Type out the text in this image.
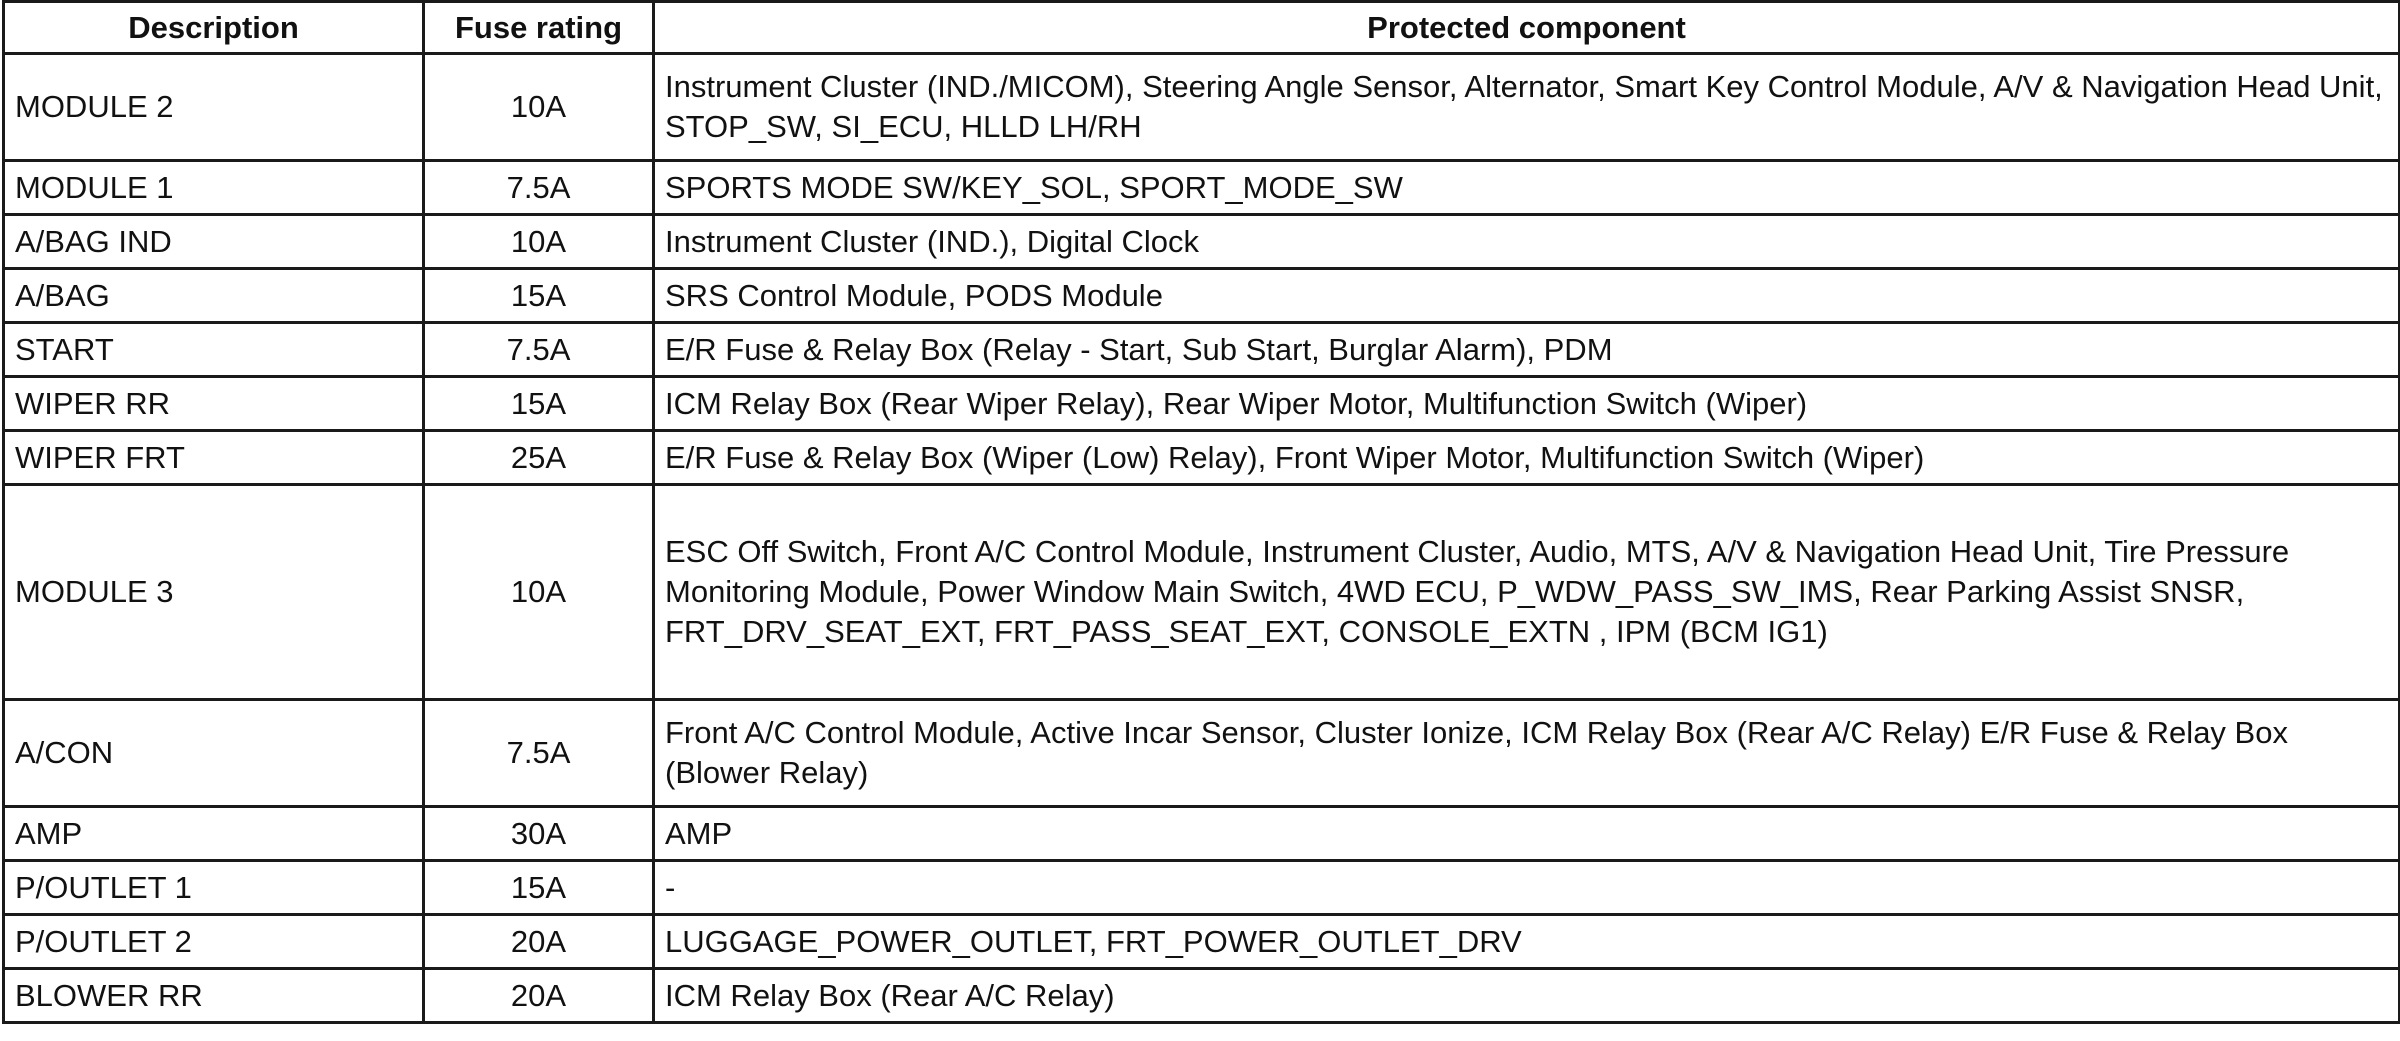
Description	Fuse rating	Protected component
MODULE 2	10A	Instrument Cluster (IND./MICOM), Steering Angle Sensor, Alternator, Smart Key Control Module, A/V & Navigation Head Unit, STOP_SW, SI_ECU, HLLD LH/RH
MODULE 1	7.5A	SPORTS MODE SW/KEY_SOL, SPORT_MODE_SW
A/BAG IND	10A	Instrument Cluster (IND.), Digital Clock
A/BAG	15A	SRS Control Module, PODS Module
START	7.5A	E/R Fuse & Relay Box (Relay - Start, Sub Start, Burglar Alarm), PDM
WIPER RR	15A	ICM Relay Box (Rear Wiper Relay), Rear Wiper Motor, Multifunction Switch (Wiper)
WIPER FRT	25A	E/R Fuse & Relay Box (Wiper (Low) Relay), Front Wiper Motor, Multifunction Switch (Wiper)
MODULE 3	10A	ESC Off Switch, Front A/C Control Module, Instrument Cluster, Audio, MTS, A/V & Navigation Head Unit, Tire Pressure Monitoring Module, Power Window Main Switch, 4WD ECU, P_WDW_PASS_SW_IMS, Rear Parking Assist SNSR, FRT_DRV_SEAT_EXT, FRT_PASS_SEAT_EXT, CONSOLE_EXTN , IPM (BCM IG1)
A/CON	7.5A	Front A/C Control Module, Active Incar Sensor, Cluster Ionize, ICM Relay Box (Rear A/C Relay) E/R Fuse & Relay Box (Blower Relay)
AMP	30A	AMP
P/OUTLET 1	15A	-
P/OUTLET 2	20A	LUGGAGE_POWER_OUTLET, FRT_POWER_OUTLET_DRV
BLOWER RR	20A	ICM Relay Box (Rear A/C Relay)
